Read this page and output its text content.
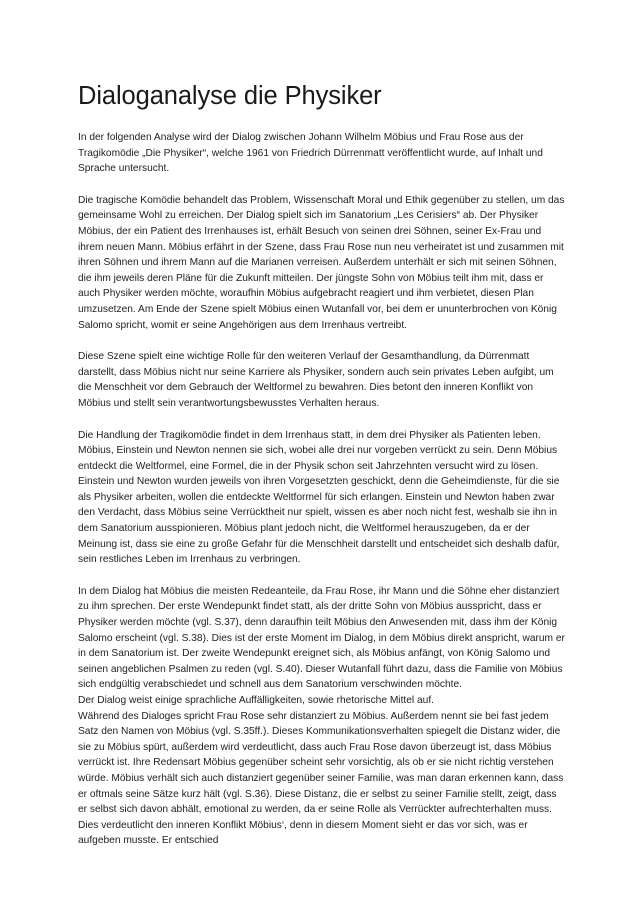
Dialoganalyse die Physiker

In der folgenden Analyse wird der Dialog zwischen Johann Wilhelm Möbius und Frau Rose aus der Tragikomödie „Die Physiker“, welche 1961 von Friedrich Dürrenmatt veröffentlicht wurde, auf Inhalt und Sprache untersucht.

Die tragische Komödie behandelt das Problem, Wissenschaft Moral und Ethik gegenüber zu stellen, um das gemeinsame Wohl zu erreichen. Der Dialog spielt sich im Sanatorium „Les Cerisiers“ ab. Der Physiker Möbius, der ein Patient des Irrenhauses ist, erhält Besuch von seinen drei Söhnen, seiner Ex-Frau und ihrem neuen Mann. Möbius erfährt in der Szene, dass Frau Rose nun neu verheiratet ist und zusammen mit ihren Söhnen und ihrem Mann auf die Marianen verreisen. Außerdem unterhält er sich mit seinen Söhnen, die ihm jeweils deren Pläne für die Zukunft mitteilen. Der jüngste Sohn von Möbius teilt ihm mit, dass er auch Physiker werden möchte, woraufhin Möbius aufgebracht reagiert und ihm verbietet, diesen Plan umzusetzen. Am Ende der Szene spielt Möbius einen Wutanfall vor, bei dem er ununterbrochen von König Salomo spricht, womit er seine Angehörigen aus dem Irrenhaus vertreibt.

Diese Szene spielt eine wichtige Rolle für den weiteren Verlauf der Gesamthandlung, da Dürrenmatt darstellt, dass Möbius nicht nur seine Karriere als Physiker, sondern auch sein privates Leben aufgibt, um die Menschheit vor dem Gebrauch der Weltformel zu bewahren. Dies betont den inneren Konflikt von Möbius und stellt sein verantwortungsbewusstes Verhalten heraus.

Die Handlung der Tragikomödie findet in dem Irrenhaus statt, in dem drei Physiker als Patienten leben. Möbius, Einstein und Newton nennen sie sich, wobei alle drei nur vorgeben verrückt zu sein. Denn Möbius entdeckt die Weltformel, eine Formel, die in der Physik schon seit Jahrzehnten versucht wird zu lösen. Einstein und Newton wurden jeweils von ihren Vorgesetzten geschickt, denn die Geheimdienste, für die sie als Physiker arbeiten, wollen die entdeckte Weltformel für sich erlangen. Einstein und Newton haben zwar den Verdacht, dass Möbius seine Verrücktheit nur spielt, wissen es aber noch nicht fest, weshalb sie ihn in dem Sanatorium ausspionieren. Möbius plant jedoch nicht, die Weltformel herauszugeben, da er der Meinung ist, dass sie eine zu große Gefahr für die Menschheit darstellt und entscheidet sich deshalb dafür, sein restliches Leben im Irrenhaus zu verbringen.

In dem Dialog hat Möbius die meisten Redeanteile, da Frau Rose, ihr Mann und die Söhne eher distanziert zu ihm sprechen. Der erste Wendepunkt findet statt, als der dritte Sohn von Möbius ausspricht, dass er Physiker werden möchte (vgl. S.37), denn daraufhin teilt Möbius den Anwesenden mit, dass ihm der König Salomo erscheint (vgl. S.38). Dies ist der erste Moment im Dialog, in dem Möbius direkt anspricht, warum er in dem Sanatorium ist. Der zweite Wendepunkt ereignet sich, als Möbius anfängt, von König Salomo und seinen angeblichen Psalmen zu reden (vgl. S.40). Dieser Wutanfall führt dazu, dass die Familie von Möbius sich endgültig verabschiedet und schnell aus dem Sanatorium verschwinden möchte.

Der Dialog weist einige sprachliche Auffälligkeiten, sowie rhetorische Mittel auf.

Während des Dialoges spricht Frau Rose sehr distanziert zu Möbius. Außerdem nennt sie bei fast jedem Satz den Namen von Möbius (vgl. S.35ff.). Dieses Kommunikationsverhalten spiegelt die Distanz wider, die sie zu Möbius spürt, außerdem wird verdeutlicht, dass auch Frau Rose davon überzeugt ist, dass Möbius verrückt ist. Ihre Redensart Möbius gegenüber scheint sehr vorsichtig, als ob er sie nicht richtig verstehen würde. Möbius verhält sich auch distanziert gegenüber seiner Familie, was man daran erkennen kann, dass er oftmals seine Sätze kurz hält (vgl. S.36). Diese Distanz, die er selbst zu seiner Familie stellt, zeigt, dass er selbst sich davon abhält, emotional zu werden, da er seine Rolle als Verrückter aufrechterhalten muss. Dies verdeutlicht den inneren Konflikt Möbius‘, denn in diesem Moment sieht er das vor sich, was er aufgeben musste. Er entschied
